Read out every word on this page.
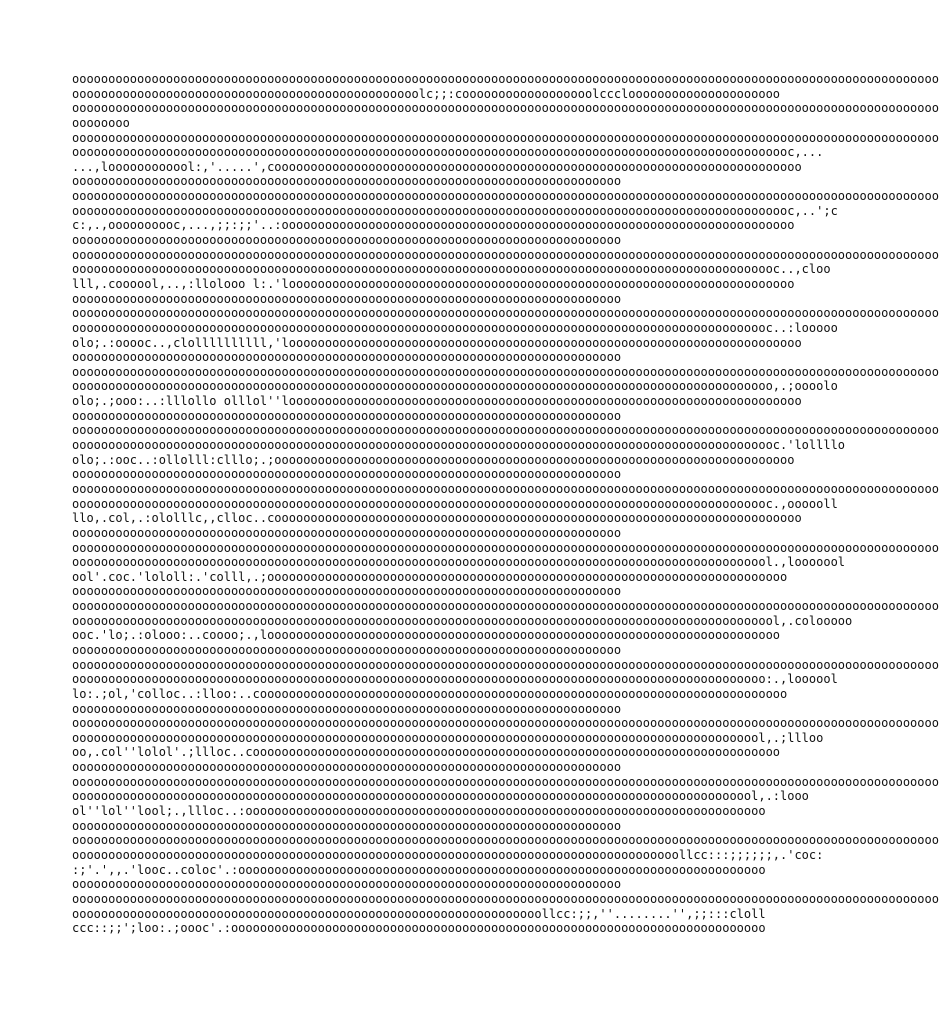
oooooooooooooooooooooooooooooooooooooooooooooooooooooooooooooooooooooooooooooooooooooooooooooooooooooooooooooooooooooooo
oooooooooooooooooooooooooooooooooooooooooooooooolc;;:coooooooooooooooooolccclooooooooooooooooooooo
oooooooooooooooooooooooooooooooooooooooooooooooooooooooooooooooooooooooooooooooooooooooooooooooooooooooooooooooooooooooo
oooooooo
oooooooooooooooooooooooooooooooooooooooooooooooooooooooooooooooooooooooooooooooooooooooooooooooooooooooooooooooooooooooo
oooooooooooooooooooooooooooooooooooooooooooooooooooooooooooooooooooooooooooooooooooooooooooooooooooc,...
...,loooooooooool:,'.....',cooooooooooooooooooooooooooooooooooooooooooooooooooooooooooooooooooooooooo
oooooooooooooooooooooooooooooooooooooooooooooooooooooooooooooooooooooooooooo
oooooooooooooooooooooooooooooooooooooooooooooooooooooooooooooooooooooooooooooooooooooooooooooooooooooooooooooooooooooooo
oooooooooooooooooooooooooooooooooooooooooooooooooooooooooooooooooooooooooooooooooooooooooooooooooooc,..';c
c:,.,oooooooooc,...,;;:;;'..:ooooooooooooooooooooooooooooooooooooooooooooooooooooooooooooooooooooooo
oooooooooooooooooooooooooooooooooooooooooooooooooooooooooooooooooooooooooooo
oooooooooooooooooooooooooooooooooooooooooooooooooooooooooooooooooooooooooooooooooooooooooooooooooooooooooooooooooooooooo
oooooooooooooooooooooooooooooooooooooooooooooooooooooooooooooooooooooooooooooooooooooooooooooooooc..,cloo
lll,.coooool,..,:llolooo l:.'loooooooooooooooooooooooooooooooooooooooooooooooooooooooooooooooooooooo
oooooooooooooooooooooooooooooooooooooooooooooooooooooooooooooooooooooooooooo
oooooooooooooooooooooooooooooooooooooooooooooooooooooooooooooooooooooooooooooooooooooooooooooooooooooooooooooooooooooooo
ooooooooooooooooooooooooooooooooooooooooooooooooooooooooooooooooooooooooooooooooooooooooooooooooc..:looooo
olo;.:ooooc..,clollllllllll,'looooooooooooooooooooooooooooooooooooooooooooooooooooooooooooooooooooooo
oooooooooooooooooooooooooooooooooooooooooooooooooooooooooooooooooooooooooooo
oooooooooooooooooooooooooooooooooooooooooooooooooooooooooooooooooooooooooooooooooooooooooooooooooooooooooooooooooooooooo
ooooooooooooooooooooooooooooooooooooooooooooooooooooooooooooooooooooooooooooooooooooooooooooooooo,.;oooolo
olo;.;ooo:..:lllollo olllol''looooooooooooooooooooooooooooooooooooooooooooooooooooooooooooooooooooooo
oooooooooooooooooooooooooooooooooooooooooooooooooooooooooooooooooooooooooooo
oooooooooooooooooooooooooooooooooooooooooooooooooooooooooooooooooooooooooooooooooooooooooooooooooooooooooooooooooooooooo
oooooooooooooooooooooooooooooooooooooooooooooooooooooooooooooooooooooooooooooooooooooooooooooooooc.'lollllo
olo;.:ooc..:ollolll:clllo;.;oooooooooooooooooooooooooooooooooooooooooooooooooooooooooooooooooooooooo
oooooooooooooooooooooooooooooooooooooooooooooooooooooooooooooooooooooooooooo
oooooooooooooooooooooooooooooooooooooooooooooooooooooooooooooooooooooooooooooooooooooooooooooooooooooooooooooooooooooooo
ooooooooooooooooooooooooooooooooooooooooooooooooooooooooooooooooooooooooooooooooooooooooooooooooc.,oooooll
llo,.col,.:ololllc,,clloc..cooooooooooooooooooooooooooooooooooooooooooooooooooooooooooooooooooooooooo
oooooooooooooooooooooooooooooooooooooooooooooooooooooooooooooooooooooooooooo
oooooooooooooooooooooooooooooooooooooooooooooooooooooooooooooooooooooooooooooooooooooooooooooooooooooooooooooooooooooooo
ooooooooooooooooooooooooooooooooooooooooooooooooooooooooooooooooooooooooooooooooooooooooooooooool.,looooool
ool'.coc.'lololl:.'colll,.;oooooooooooooooooooooooooooooooooooooooooooooooooooooooooooooooooooooooo
oooooooooooooooooooooooooooooooooooooooooooooooooooooooooooooooooooooooooooo
oooooooooooooooooooooooooooooooooooooooooooooooooooooooooooooooooooooooooooooooooooooooooooooooooooooooooooooooooooooooo
oooooooooooooooooooooooooooooooooooooooooooooooooooooooooooooooooooooooooooooooooooooooooooooooool,.colooooo
ooc.'lo;.:olooo:..coooo;.,looooooooooooooooooooooooooooooooooooooooooooooooooooooooooooooooooooooo
oooooooooooooooooooooooooooooooooooooooooooooooooooooooooooooooooooooooooooo
oooooooooooooooooooooooooooooooooooooooooooooooooooooooooooooooooooooooooooooooooooooooooooooooooooooooooooooooooooooooo
oooooooooooooooooooooooooooooooooooooooooooooooooooooooooooooooooooooooooooooooooooooooooooooooo:.,loooool
lo:.;ol,'colloc..:lloo:..cooooooooooooooooooooooooooooooooooooooooooooooooooooooooooooooooooooooooo
oooooooooooooooooooooooooooooooooooooooooooooooooooooooooooooooooooooooooooo
oooooooooooooooooooooooooooooooooooooooooooooooooooooooooooooooooooooooooooooooooooooooooooooooooooooooooooooooooooooooo
oooooooooooooooooooooooooooooooooooooooooooooooooooooooooooooooooooooooooooooooooooooooooooooool,.;llloo
oo,.col''lolol'.;llloc..cooooooooooooooooooooooooooooooooooooooooooooooooooooooooooooooooooooooooo
oooooooooooooooooooooooooooooooooooooooooooooooooooooooooooooooooooooooooooo
oooooooooooooooooooooooooooooooooooooooooooooooooooooooooooooooooooooooooooooooooooooooooooooooooooooooooooooooooooooooo
ooooooooooooooooooooooooooooooooooooooooooooooooooooooooooooooooooooooooooooooooooooooooooooool,.:looo
ol''lol''lool;.,llloc..:oooooooooooooooooooooooooooooooooooooooooooooooooooooooooooooooooooooooo
oooooooooooooooooooooooooooooooooooooooooooooooooooooooooooooooooooooooooooo
oooooooooooooooooooooooooooooooooooooooooooooooooooooooooooooooooooooooooooooooooooooooooooooooooooooooooooooooooooooooo
oooooooooooooooooooooooooooooooooooooooooooooooooooooooooooooooooooooooooooooooooooollcc:::;;;;;;,.'coc:
:;'.',,.'looc..coloc'.:ooooooooooooooooooooooooooooooooooooooooooooooooooooooooooooooooooooooooo
oooooooooooooooooooooooooooooooooooooooooooooooooooooooooooooooooooooooooooo
oooooooooooooooooooooooooooooooooooooooooooooooooooooooooooooooooooooooooooooooooooooooooooooooooooooooooooooooooooooooo
ooooooooooooooooooooooooooooooooooooooooooooooooooooooooooooooooollcc:;;,''........'',;;:::cloll
ccc::;;';loo:.;oooc'.:oooooooooooooooooooooooooooooooooooooooooooooooooooooooooooooooooooooooooo
